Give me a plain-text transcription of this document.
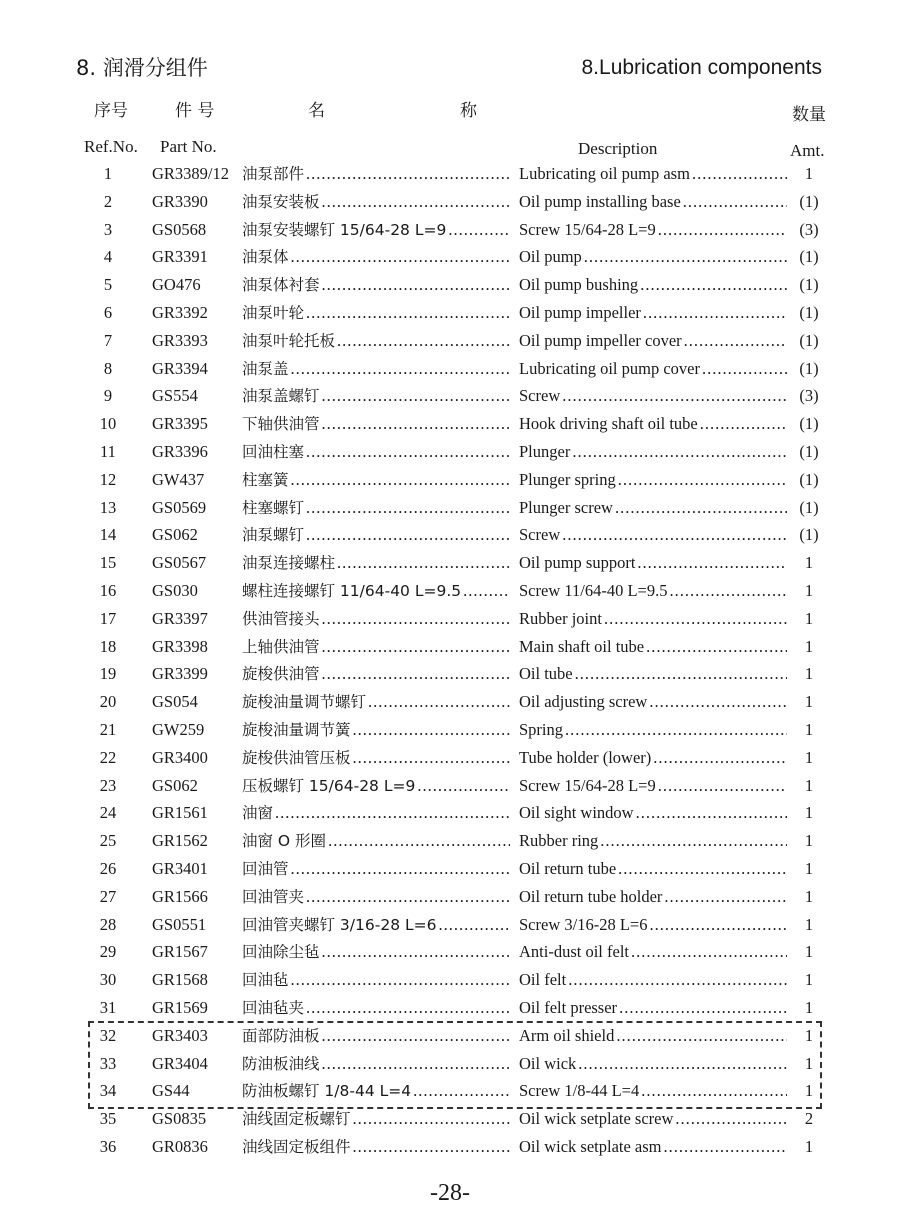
8. 润滑分组件	8.Lubrication components
序号	件 号	名	称	数量
Ref.No. Part No.	Description	Amt.
1	GR3389/12 油泵部件 .....	Lubricating oil pump asm .....	1
2	GR3390 油泵安装板 .....	Oil pump installing base .....	(1)
3	GS0568 油泵安装螺钉 15/64-28 L=9 .....	Screw 15/64-28 L=9 .....	(3)
4	GR3391 油泵体 .....	Oil pump .....	(1)
5	GO476	油泵体衬套 .....	Oil pump bushing .....	(1)
6	GR3392 油泵叶轮 .....	Oil pump impeller .....	(1)
7	GR3393 油泵叶轮托板 .....	Oil pump impeller cover .....	(1)
8	GR3394 油泵盖 .....	Lubricating oil pump cover .....	(1)
9	GS554	油泵盖螺钉 .....	Screw .....	(3)
10	GR3395 下轴供油管 .....	Hook driving shaft oil tube .....	(1)
11	GR3396 回油柱塞 .....	Plunger .....	(1)
12	GW437 柱塞簧 .....	Plunger spring .....	(1)
13	GS0569 柱塞螺钉 .....	Plunger screw .....	(1)
14	GS062	油泵螺钉 .....	Screw .....	(1)
15	GS0567 油泵连接螺柱 .....	Oil pump support .....	1
16	GS030	螺柱连接螺钉 11/64-40 L=9.5 .....	Screw 11/64-40 L=9.5 .....	1
17	GR3397 供油管接头 .....	Rubber joint .....	1
18	GR3398 上轴供油管 .....	Main shaft oil tube .....	1
19	GR3399 旋梭供油管 .....	Oil tube .....	1
20	GS054	旋梭油量调节螺钉 .....	Oil adjusting screw .....	1
21	GW259 旋梭油量调节簧 .....	Spring .....	1
22	GR3400 旋梭供油管压板 .....	Tube holder (lower) .....	1
23	GS062	压板螺钉 15/64-28 L=9 .....	Screw 15/64-28 L=9 .....	1
24	GR1561 油窗 .....	Oil sight window .....	1
25	GR1562 油窗 O 形圈 .....	Rubber ring .....	1
26	GR3401 回油管 .....	Oil return tube .....	1
27	GR1566 回油管夹 .....	Oil return tube holder .....	1
28	GS0551 回油管夹螺钉 3/16-28 L=6 .....	Screw 3/16-28 L=6 .....	1
29	GR1567 回油除尘毡 .....	Anti-dust oil felt .....	1
30	GR1568 回油毡 .....	Oil felt .....	1
31	GR1569 回油毡夹 .....	Oil felt presser .....	1
32	GR3403 面部防油板 .....	Arm oil shield .....	1
33	GR3404 防油板油线 .....	Oil wick .....	1
34	GS44	防油板螺钉 1/8-44 L=4 .....	Screw 1/8-44 L=4 .....	1
35	GS0835 油线固定板螺钉 .....	Oil wick setplate screw .....	2
36	GR0836 油线固定板组件 .....	Oil wick setplate asm .....	1
-28-
